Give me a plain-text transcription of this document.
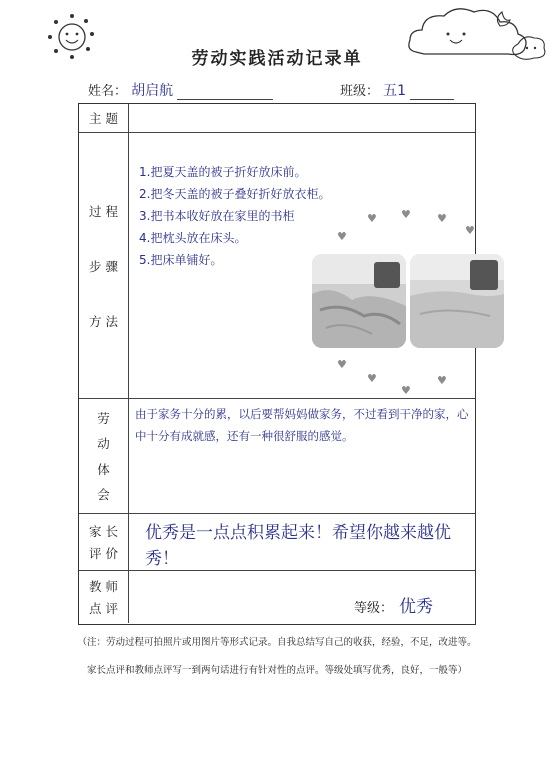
劳动实践活动记录单
姓名： 胡启航	班级： 五1
主 题
过 程
步 骤
方 法
1.把夏天盖的被子折好放床前。
2.把冬天盖的被子叠好折好放衣柜。
3.把书本收好放在家里的书柜
4.把枕头放在床头。
5.把床单铺好。
劳
动
体
会
由于家务十分的累，以后要帮妈妈做家务，不过看到干净的家，心中十分有成就感，还有一种很舒服的感觉。
家 长
评 价
优秀是一点点积累起来！希望你越来越优秀！
教 师
点 评	等级： 优秀
♥ ♥ ♥
♥
♥
♥
♥
♥
♥
（注：劳动过程可拍照片或用图片等形式记录。自我总结写自己的收获，经验，不足，改进等。
家长点评和教师点评写一到两句话进行有针对性的点评。等级处填写优秀，良好，一般等）
